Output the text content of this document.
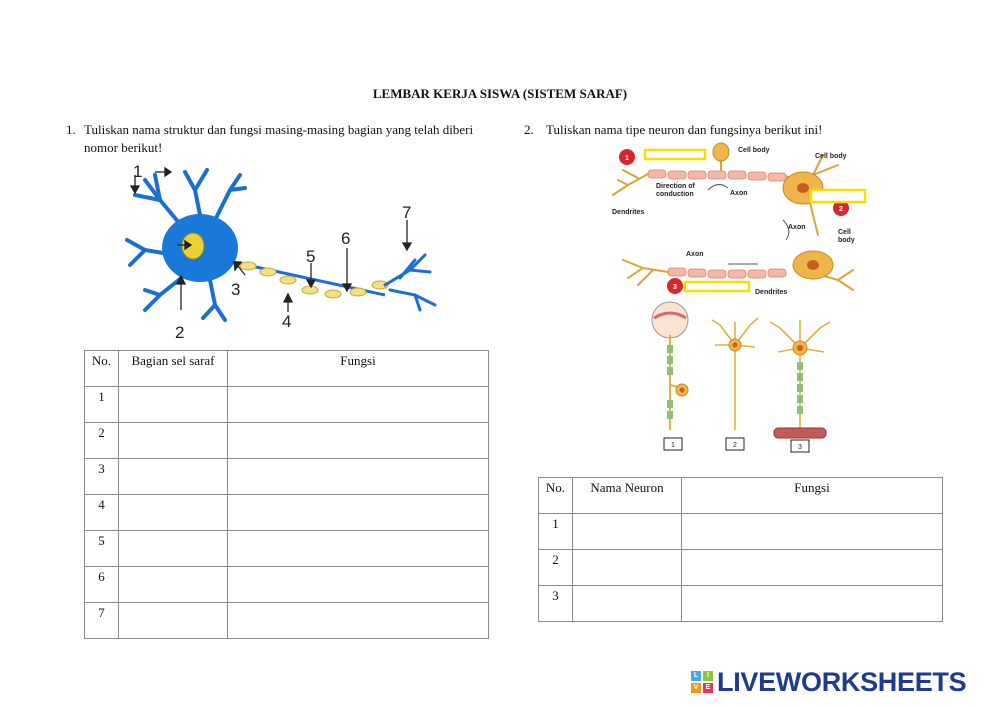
LEMBAR KERJA SISWA (SISTEM SARAF)
1. Tuliskan nama struktur dan fungsi masing-masing bagian yang telah diberi nomor berikut!
1
2
3
4
5
6
7
No.	Bagian sel saraf	Fungsi
1		
2		
3		
4		
5		
6		
7		
2. Tuliskan nama tipe neuron dan fungsinya berikut ini!
1
2
3
Cell body
Cell body
Direction of
conduction	Axon
Dendrites
Axon
Cell
body
Axon
Dendrites
1	2	3
No.	Nama Neuron	Fungsi
1		
2		
3		
L	I
V	E LIVEWORKSHEETS
